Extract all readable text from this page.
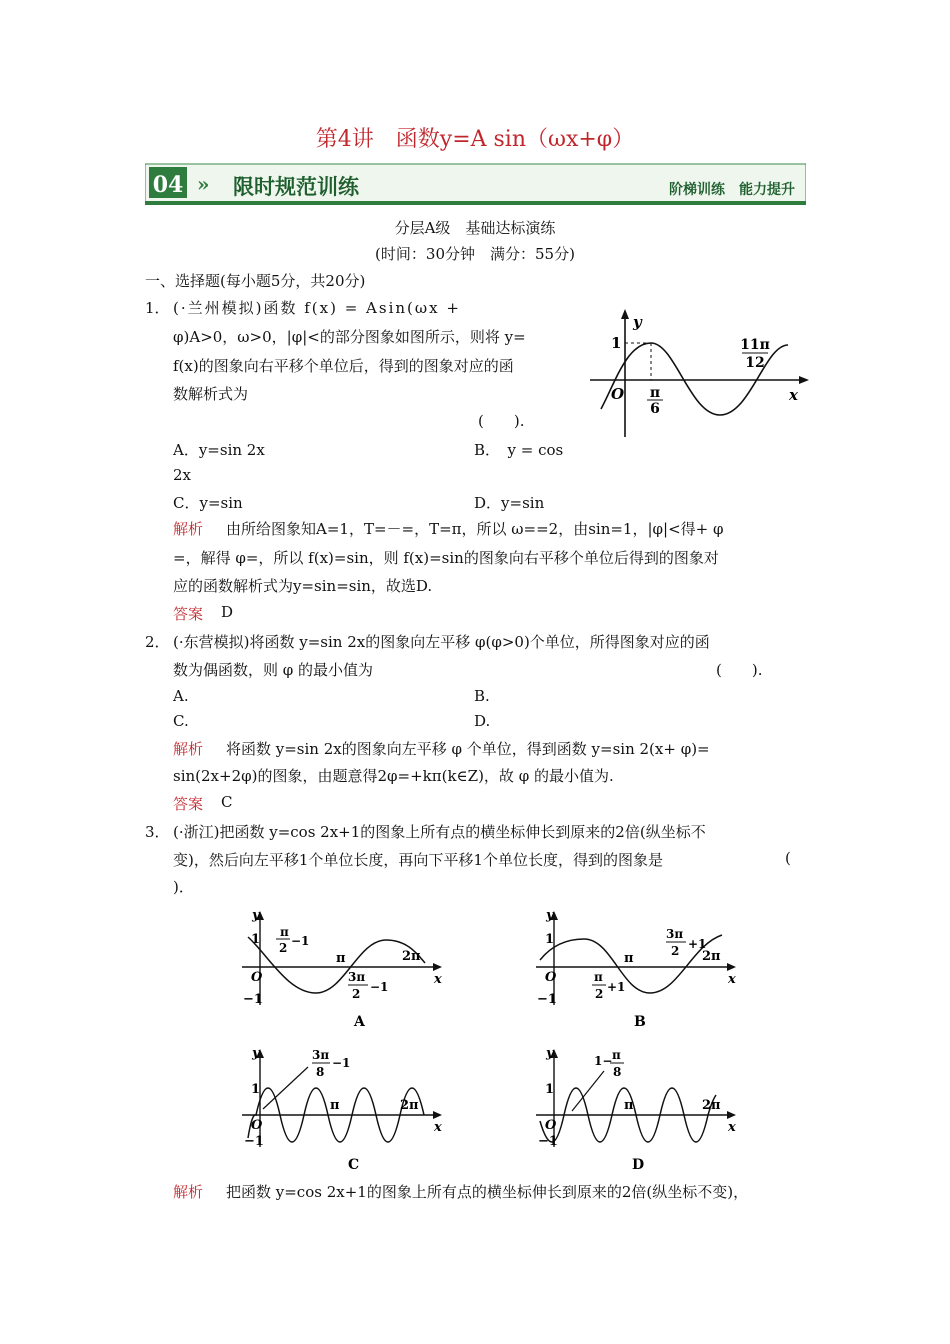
第4讲　函数y=A sin（ωx+φ）
04 » 限时规范训练	阶梯训练　能力提升
分层A级　基础达标演练
(时间：30分钟　满分：55分)
一、选择题(每小题5分，共20分)
1． (·兰州模拟)函数 f(x) = Asin(ωx +
φ)A>0，ω>0，|φ|<的部分图象如图所示，则将 y=
f(x)的图象向右平移个单位后，得到的图象对应的函
数解析式为
(　　).
A．y=sin 2x	B．　y = cos
2x
C．y=sin	D．y=sin
解析 由所给图象知A=1，T=－=，T=π，所以 ω==2，由sin=1，|φ|<得+ φ
=，解得 φ=，所以 f(x)=sin，则 f(x)=sin的图象向右平移个单位后得到的图象对
应的函数解析式为y=sin=sin，故选D.
答案 D
y
x
O
1
π
6
11π
12
2． (·东营模拟)将函数 y=sin 2x的图象向左平移 φ(φ>0)个单位，所得图象对应的函
数为偶函数，则 φ 的最小值为	(　　).
A.	B.
C.	D.
解析 将函数 y=sin 2x的图象向左平移 φ 个单位，得到函数 y=sin 2(x+ φ)=
sin(2x+2φ)的图象，由题意得2φ=+kπ(k∈Z)，故 φ 的最小值为.
答案 C
3． (·浙江)把函数 y=cos 2x+1的图象上所有点的横坐标伸长到原来的2倍(纵坐标不
变)，然后向左平移1个单位长度，再向下平移1个单位长度，得到的图象是	(
)．
y
x
O
1
−1
π	2π
π
2 −1
3π
2 −1
A
y
x
O
1
−1
π	2π
π
2 +1
3π
2 +1
B
y
x
O
1
−1
π	2π
3π
8
−1
C
y
x
O
1
−1
π	2π
1− π
8
D
解析 把函数 y=cos 2x+1的图象上所有点的横坐标伸长到原来的2倍(纵坐标不变)，
